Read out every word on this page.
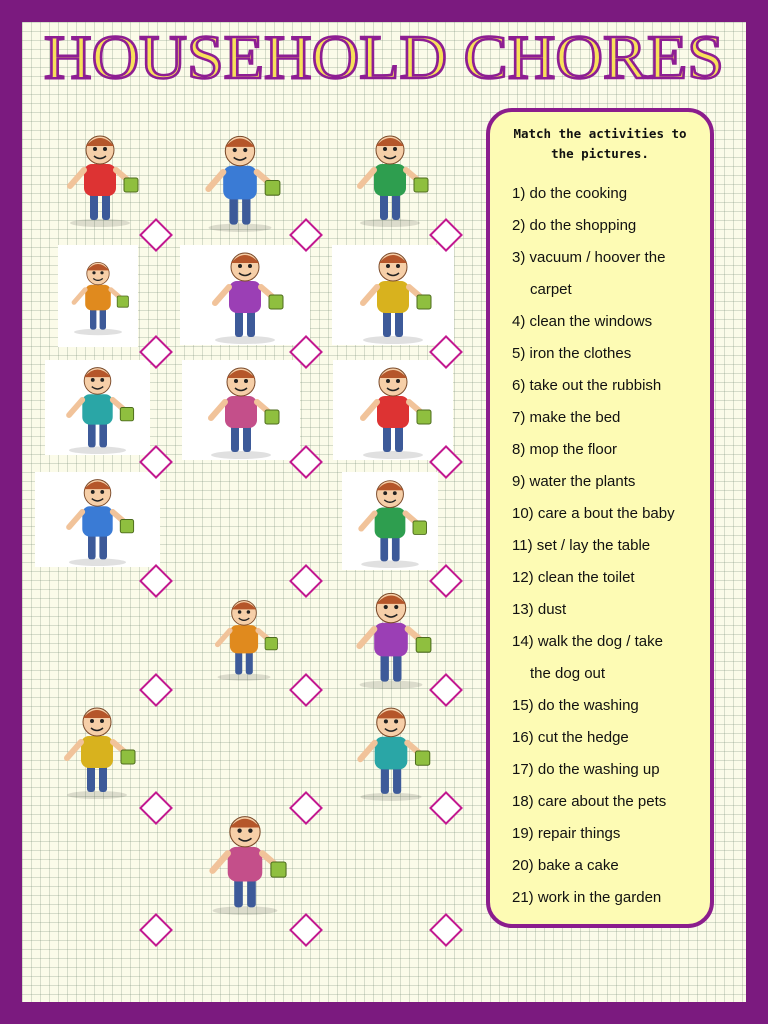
HOUSEHOLD CHORES
Match the activities to the pictures.
1) do the cooking
2) do the shopping
3) vacuum / hoover the
carpet
4) clean the windows
5) iron the clothes
6) take out the rubbish
7) make the bed
8) mop the floor
9) water the plants
10) care a bout the baby
11) set / lay the table
12) clean the toilet
13) dust
14) walk the dog / take
the dog out
15) do the washing
16) cut the hedge
17) do the washing up
18) care about the pets
19) repair things
20) bake a cake
21) work in the garden
